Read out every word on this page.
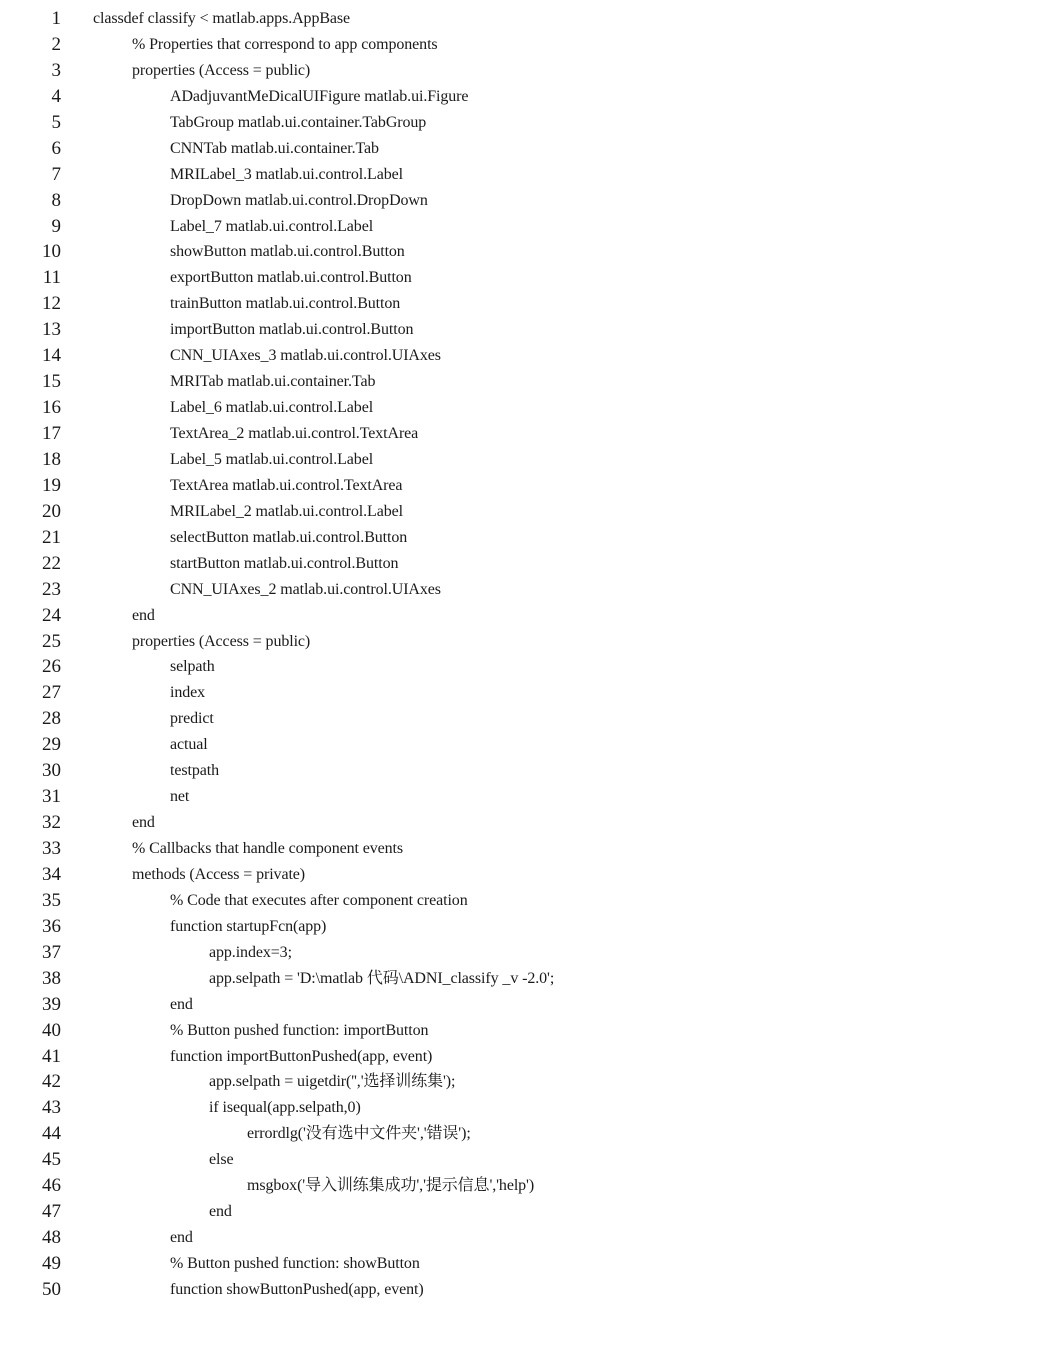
1 classdef classify < matlab.apps.AppBase
2	% Properties that correspond to app components
3	properties (Access = public)
4	ADadjuvantMeDicalUIFigure matlab.ui.Figure
5	TabGroup matlab.ui.container.TabGroup
6	CNNTab matlab.ui.container.Tab
7	MRILabel_3 matlab.ui.control.Label
8	DropDown matlab.ui.control.DropDown
9	Label_7 matlab.ui.control.Label
10	showButton matlab.ui.control.Button
11	exportButton matlab.ui.control.Button
12	trainButton matlab.ui.control.Button
13	importButton matlab.ui.control.Button
14	CNN_UIAxes_3 matlab.ui.control.UIAxes
15	MRITab matlab.ui.container.Tab
16	Label_6 matlab.ui.control.Label
17	TextArea_2 matlab.ui.control.TextArea
18	Label_5 matlab.ui.control.Label
19	TextArea matlab.ui.control.TextArea
20	MRILabel_2 matlab.ui.control.Label
21	selectButton matlab.ui.control.Button
22	startButton matlab.ui.control.Button
23	CNN_UIAxes_2 matlab.ui.control.UIAxes
24	end
25	properties (Access = public)
26	selpath
27	index
28	predict
29	actual
30	testpath
31	net
32	end
33	% Callbacks that handle component events
34	methods (Access = private)
35	% Code that executes after component creation
36	function startupFcn(app)
37	app.index=3;
38	app.selpath = 'D:\matlab 代码\ADNI_classify _v -2.0';
39	end
40	% Button pushed function: importButton
41	function importButtonPushed(app, event)
42	app.selpath = uigetdir('','选择训练集');
43	if isequal(app.selpath,0)
44	errordlg('没有选中文件夹','错误');
45	else
46	msgbox('导入训练集成功','提示信息','help')
47	end
48	end
49	% Button pushed function: showButton
50	function showButtonPushed(app, event)
